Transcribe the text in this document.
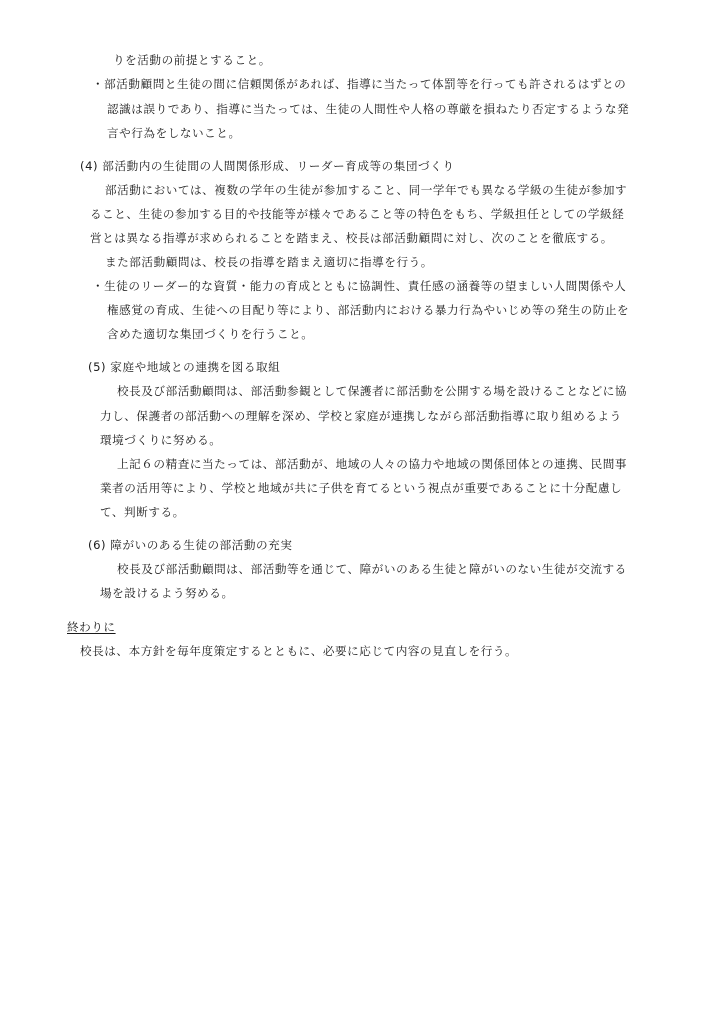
りを活動の前提とすること。
・部活動顧問と生徒の間に信頼関係があれば、指導に当たって体罰等を行っても許されるはずとの
認識は誤りであり、指導に当たっては、生徒の人間性や人格の尊厳を損ねたり否定するような発
言や行為をしないこと。
(4) 部活動内の生徒間の人間関係形成、リーダー育成等の集団づくり
部活動においては、複数の学年の生徒が参加すること、同一学年でも異なる学級の生徒が参加す
ること、生徒の参加する目的や技能等が様々であること等の特色をもち、学級担任としての学級経
営とは異なる指導が求められることを踏まえ、校長は部活動顧問に対し、次のことを徹底する。
また部活動顧問は、校長の指導を踏まえ適切に指導を行う。
・生徒のリーダー的な資質・能力の育成とともに協調性、責任感の涵養等の望ましい人間関係や人
権感覚の育成、生徒への目配り等により、部活動内における暴力行為やいじめ等の発生の防止を
含めた適切な集団づくりを行うこと。
(5) 家庭や地域との連携を図る取組
校長及び部活動顧問は、部活動参観として保護者に部活動を公開する場を設けることなどに協
力し、保護者の部活動への理解を深め、学校と家庭が連携しながら部活動指導に取り組めるよう
環境づくりに努める。
上記６の精査に当たっては、部活動が、地域の人々の協力や地域の関係団体との連携、民間事
業者の活用等により、学校と地域が共に子供を育てるという視点が重要であることに十分配慮し
て、判断する。
(6) 障がいのある生徒の部活動の充実
校長及び部活動顧問は、部活動等を通じて、障がいのある生徒と障がいのない生徒が交流する
場を設けるよう努める。
終わりに
校長は、本方針を毎年度策定するとともに、必要に応じて内容の見直しを行う。
